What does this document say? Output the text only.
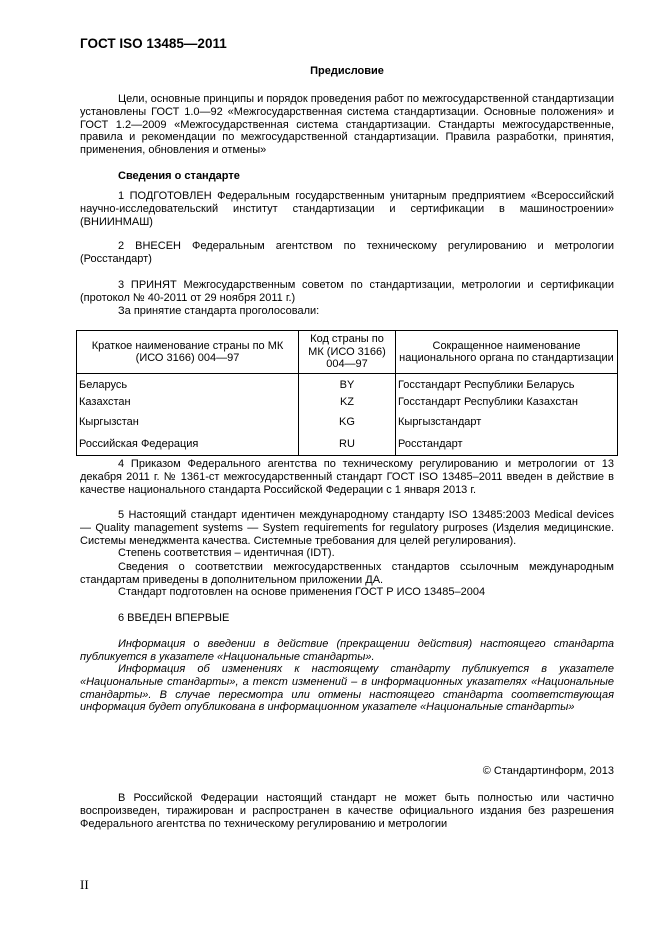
ГОСТ ISO 13485—2011
Предисловие
Цели, основные принципы и порядок проведения работ по межгосударственной стандартизации установлены ГОСТ 1.0—92 «Межгосударственная система стандартизации. Основные положения» и ГОСТ 1.2—2009 «Межгосударственная система стандартизации. Стандарты межгосударственные, правила и рекомендации по межгосударственной стандартизации. Правила разработки, принятия, применения, обновления и отмены»
Сведения о стандарте
1 ПОДГОТОВЛЕН Федеральным государственным унитарным предприятием «Всероссийский научно-исследовательский институт стандартизации и сертификации в машиностроении» (ВНИИНМАШ)
2 ВНЕСЕН Федеральным агентством по техническому регулированию и метрологии (Росстандарт)
3 ПРИНЯТ Межгосударственным советом по стандартизации, метрологии и сертификации (протокол № 40-2011 от 29 ноября 2011 г.)
За принятие стандарта проголосовали:
Краткое наименование страны по МК (ИСО 3166) 004—97	Код страны по МК (ИСО 3166) 004—97	Сокращенное наименование национального органа по стандартизации
Беларусь	BY	Госстандарт Республики Беларусь
Казахстан	KZ	Госстандарт Республики Казахстан
Кыргызстан	KG	Кыргызстандарт
Российская Федерация	RU	Росстандарт
4 Приказом Федерального агентства по техническому регулированию и метрологии от 13 декабря 2011 г. № 1361-ст межгосударственный стандарт ГОСТ ISO 13485–2011 введен в действие в качестве национального стандарта Российской Федерации с 1 января 2013 г.
5 Настоящий стандарт идентичен международному стандарту ISO 13485:2003 Medical devices — Quality management systems — System requirements for regulatory purposes (Изделия медицинские. Системы менеджмента качества. Системные требования для целей регулирования).
Степень соответствия – идентичная (IDT).
Сведения о соответствии межгосударственных стандартов ссылочным международным стандартам приведены в дополнительном приложении ДА.
Стандарт подготовлен на основе применения ГОСТ Р ИСО 13485–2004
6 ВВЕДЕН ВПЕРВЫЕ
Информация о введении в действие (прекращении действия) настоящего стандарта публикуется в указателе «Национальные стандарты».
Информация об изменениях к настоящему стандарту публикуется в указателе «Национальные стандарты», а текст изменений – в информационных указателях «Национальные стандарты». В случае пересмотра или отмены настоящего стандарта соответствующая информация будет опубликована в информационном указателе «Национальные стандарты»
© Стандартинформ, 2013
В Российской Федерации настоящий стандарт не может быть полностью или частично воспроизведен, тиражирован и распространен в качестве официального издания без разрешения Федерального агентства по техническому регулированию и метрологии
II
